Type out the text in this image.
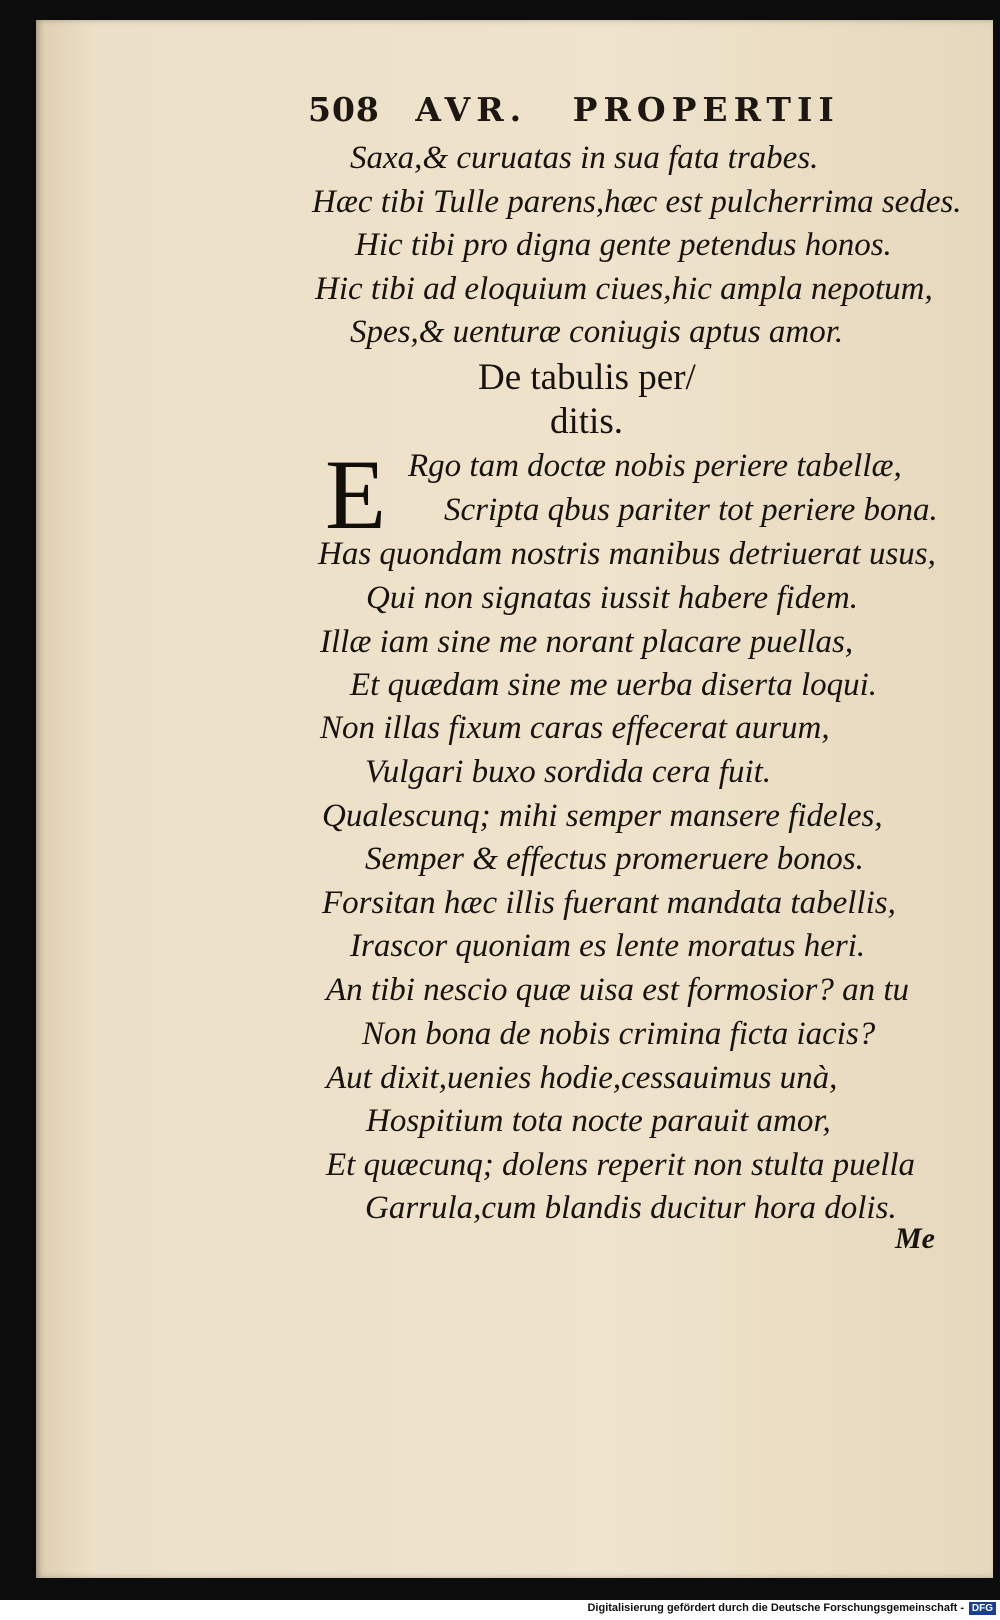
508 AVR. PROPERTII
Saxa,& curuatas in sua fata trabes.
Hæc tibi Tulle parens,hæc est pulcherrima sedes.
Hic tibi pro digna gente petendus honos.
Hic tibi ad eloquium ciues,hic ampla nepotum,
Spes,& uenturæ coniugis aptus amor.
De tabulis per/
ditis.
E Rgo tam doctæ nobis periere tabellæ,
Scripta qbus pariter tot periere bona.
Has quondam nostris manibus detriuerat usus,
Qui non signatas iussit habere fidem.
Illæ iam sine me norant placare puellas,
Et quædam sine me uerba diserta loqui.
Non illas fixum caras effecerat aurum,
Vulgari buxo sordida cera fuit.
Qualescunq; mihi semper mansere fideles,
Semper & effectus promeruere bonos.
Forsitan hæc illis fuerant mandata tabellis,
Irascor quoniam es lente moratus heri.
An tibi nescio quæ uisa est formosior? an tu
Non bona de nobis crimina ficta iacis?
Aut dixit,uenies hodie,cessauimus unà,
Hospitium tota nocte parauit amor,
Et quæcunq; dolens reperit non stulta puella
Garrula,cum blandis ducitur hora dolis.
Me
Digitalisierung gefördert durch die Deutsche Forschungsgemeinschaft - DFG
